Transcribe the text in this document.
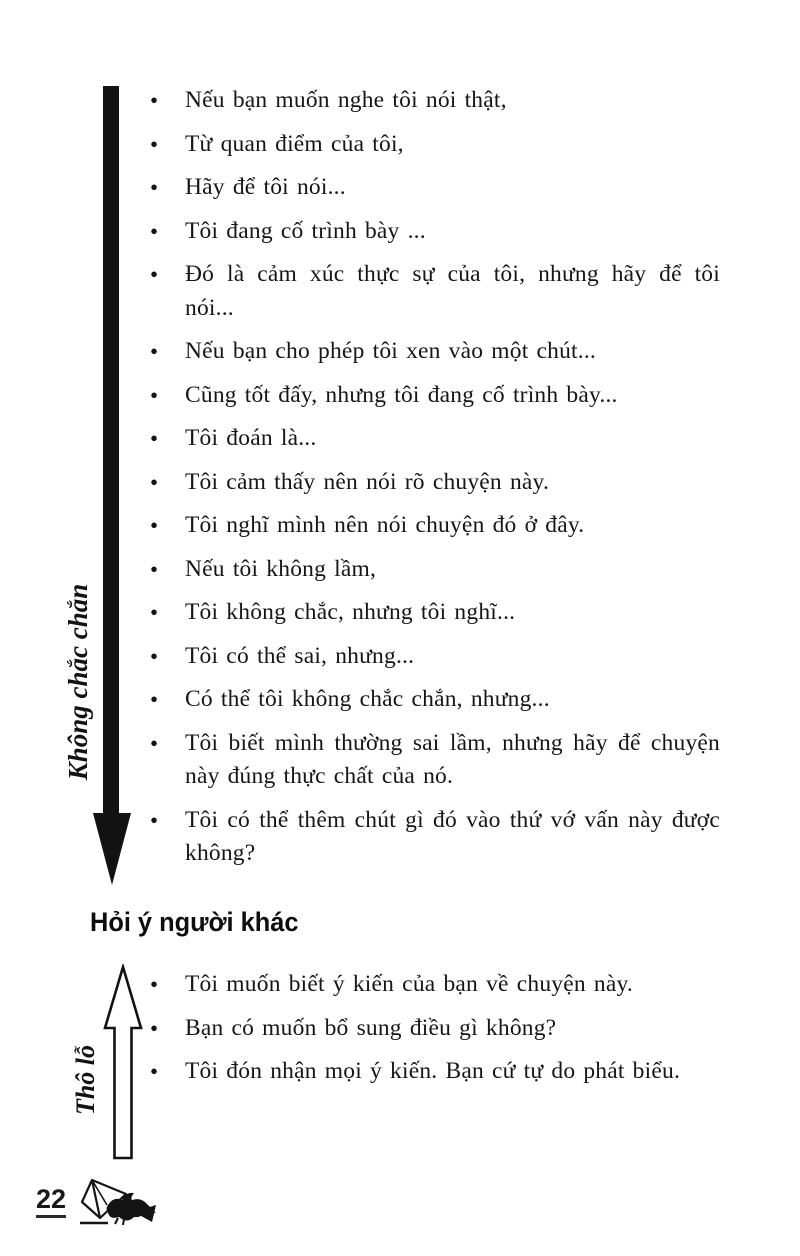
Không chắc chắn
•
Nếu bạn muốn nghe tôi nói thật,
•
Từ quan điểm của tôi,
•
Hãy để tôi nói...
•
Tôi đang cố trình bày ...
•
Đó là cảm xúc thực sự của tôi, nhưng hãy để tôi nói...
•
Nếu bạn cho phép tôi xen vào một chút...
•
Cũng tốt đấy, nhưng tôi đang cố trình bày...
•
Tôi đoán là...
•
Tôi cảm thấy nên nói rõ chuyện này.
•
Tôi nghĩ mình nên nói chuyện đó ở đây.
•
Nếu tôi không lầm,
•
Tôi không chắc, nhưng tôi nghĩ...
•
Tôi có thể sai, nhưng...
•
Có thể tôi không chắc chắn, nhưng...
•
Tôi biết mình thường sai lầm, nhưng hãy để chuyện này đúng thực chất của nó.
•
Tôi có thể thêm chút gì đó vào thứ vớ vấn này được không?
Hỏi ý người khác
Thô lỗ
•
Tôi muốn biết ý kiến của bạn về chuyện này.
•
Bạn có muốn bổ sung điều gì không?
•
Tôi đón nhận mọi ý kiến. Bạn cứ tự do phát biểu.
22
